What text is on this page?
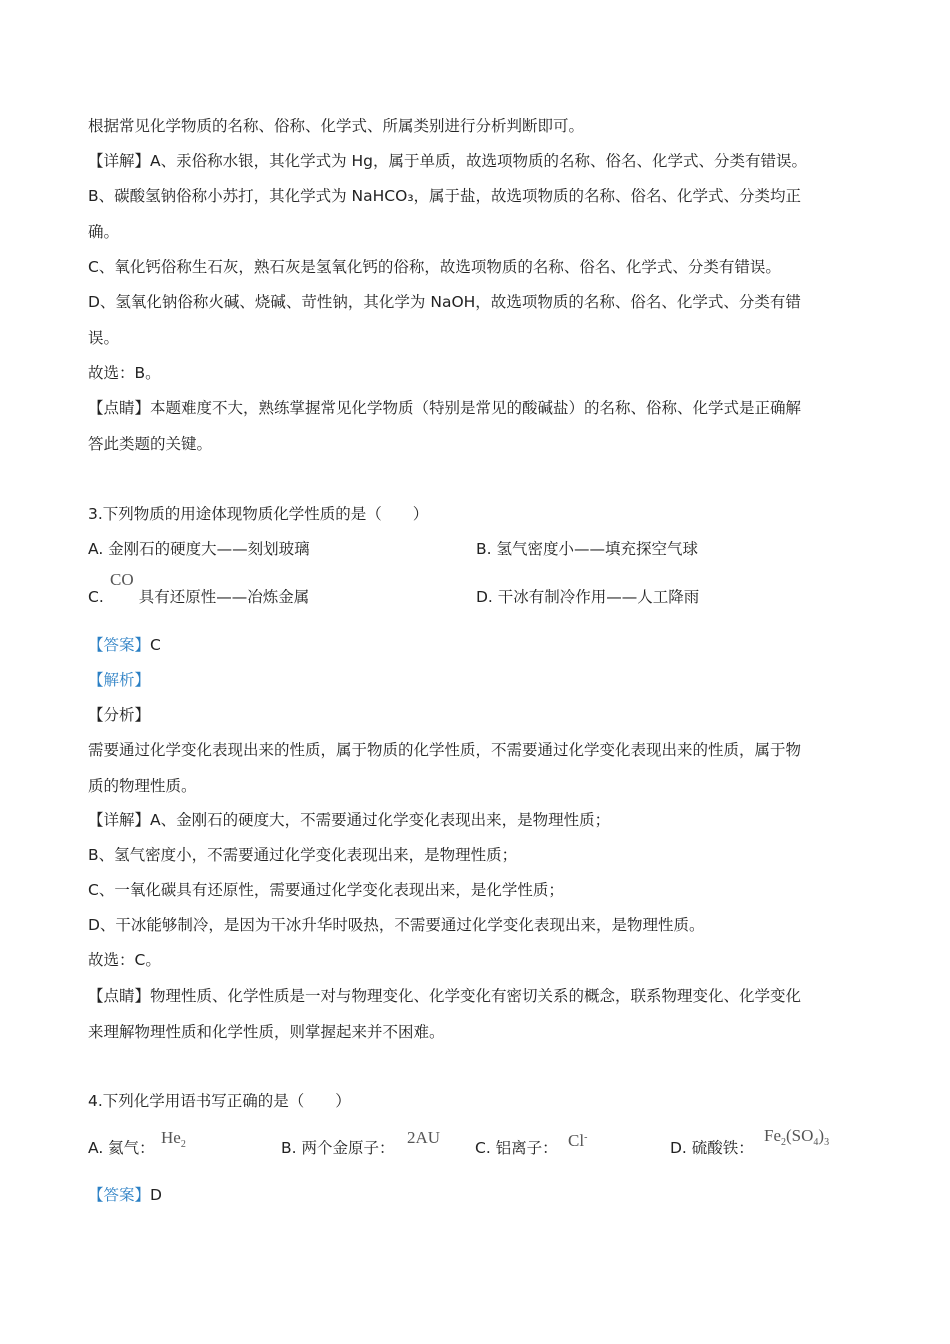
根据常见化学物质的名称、俗称、化学式、所属类别进行分析判断即可。
【详解】A、汞俗称水银，其化学式为 Hg，属于单质，故选项物质的名称、俗名、化学式、分类有错误。
B、碳酸氢钠俗称小苏打，其化学式为 NaHCO₃，属于盐，故选项物质的名称、俗名、化学式、分类均正
确。
C、氧化钙俗称生石灰，熟石灰是氢氧化钙的俗称，故选项物质的名称、俗名、化学式、分类有错误。
D、氢氧化钠俗称火碱、烧碱、苛性钠，其化学为 NaOH，故选项物质的名称、俗名、化学式、分类有错
误。
故选：B。
【点睛】本题难度不大，熟练掌握常见化学物质（特别是常见的酸碱盐）的名称、俗称、化学式是正确解
答此类题的关键。
3.下列物质的用途体现物质化学性质的是（　　）
A. 金刚石的硬度大——刻划玻璃	B. 氢气密度小——填充探空气球
C.
CO
具有还原性——冶炼金属	D. 干冰有制冷作用——人工降雨
【答案】C
【解析】
【分析】
需要通过化学变化表现出来的性质，属于物质的化学性质，不需要通过化学变化表现出来的性质，属于物
质的物理性质。
【详解】A、金刚石的硬度大，不需要通过化学变化表现出来，是物理性质；
B、氢气密度小，不需要通过化学变化表现出来，是物理性质；
C、一氧化碳具有还原性，需要通过化学变化表现出来，是化学性质；
D、干冰能够制冷，是因为干冰升华时吸热，不需要通过化学变化表现出来，是物理性质。
故选：C。
【点睛】物理性质、化学性质是一对与物理变化、化学变化有密切关系的概念，联系物理变化、化学变化
来理解物理性质和化学性质，则掌握起来并不困难。
4.下列化学用语书写正确的是（　　）
A. 氦气：
$He_2$	B. 两个金原子：
2AU
C. 铝离子： Cl-
D. 硫酸铁：
$Fe_2(SO_4)_3$
【答案】D
